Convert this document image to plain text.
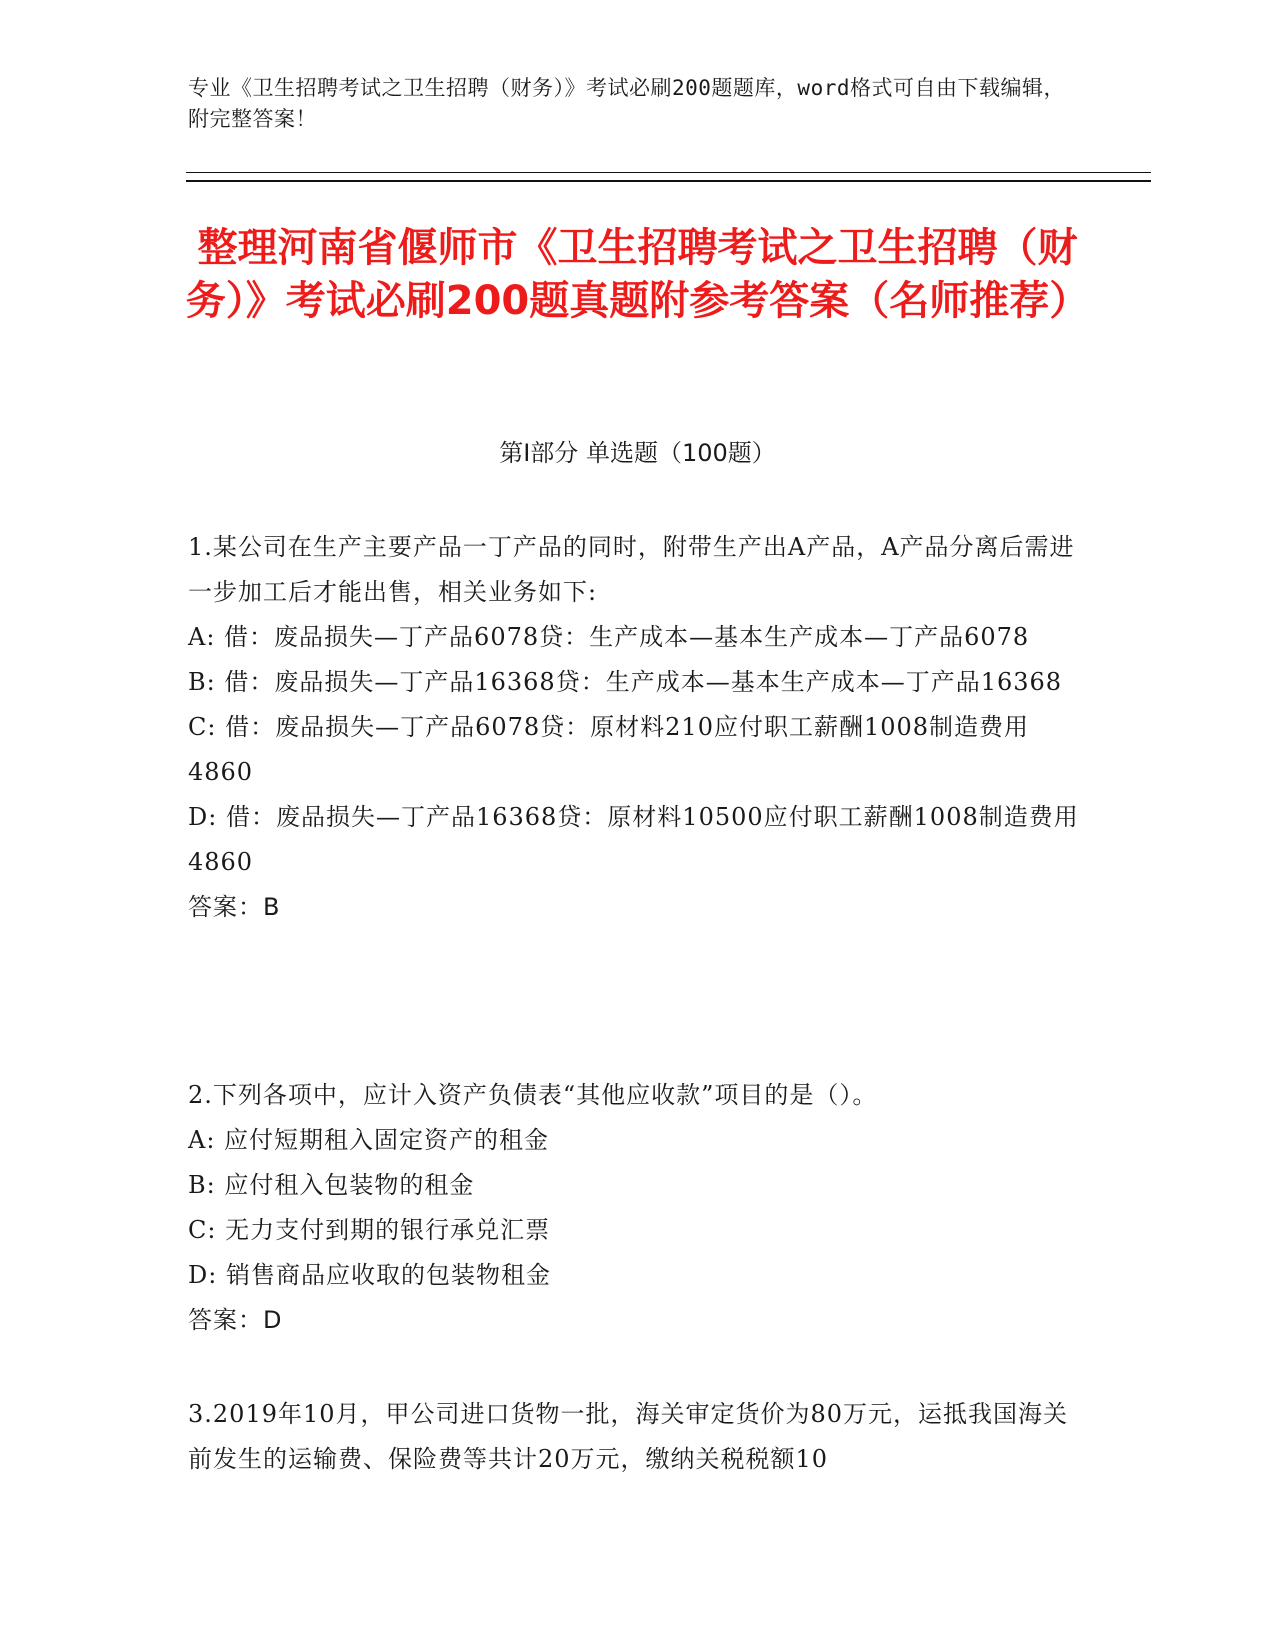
专业《卫生招聘考试之卫生招聘（财务）》考试必刷200题题库，word格式可自由下载编辑，附完整答案！
整理河南省偃师市《卫生招聘考试之卫生招聘（财务）》考试必刷200题真题附参考答案（名师推荐）
第Ⅰ部分 单选题（100题）

1.某公司在生产主要产品一丁产品的同时，附带生产出A产品，A产品分离后需进一步加工后才能出售，相关业务如下:

A: 借：废品损失—丁产品6078贷：生产成本—基本生产成本—丁产品6078

B: 借：废品损失—丁产品16368贷：生产成本—基本生产成本—丁产品16368

C: 借：废品损失—丁产品6078贷：原材料210应付职工薪酬1008制造费用4860

D: 借：废品损失—丁产品16368贷：原材料10500应付职工薪酬1008制造费用4860

答案：B

2.下列各项中，应计入资产负债表“其他应收款”项目的是（）。

A: 应付短期租入固定资产的租金

B: 应付租入包装物的租金

C: 无力支付到期的银行承兑汇票

D: 销售商品应收取的包装物租金

答案：D

3.2019年10月，甲公司进口货物一批，海关审定货价为80万元，运抵我国海关前发生的运输费、保险费等共计20万元，缴纳关税税额10
